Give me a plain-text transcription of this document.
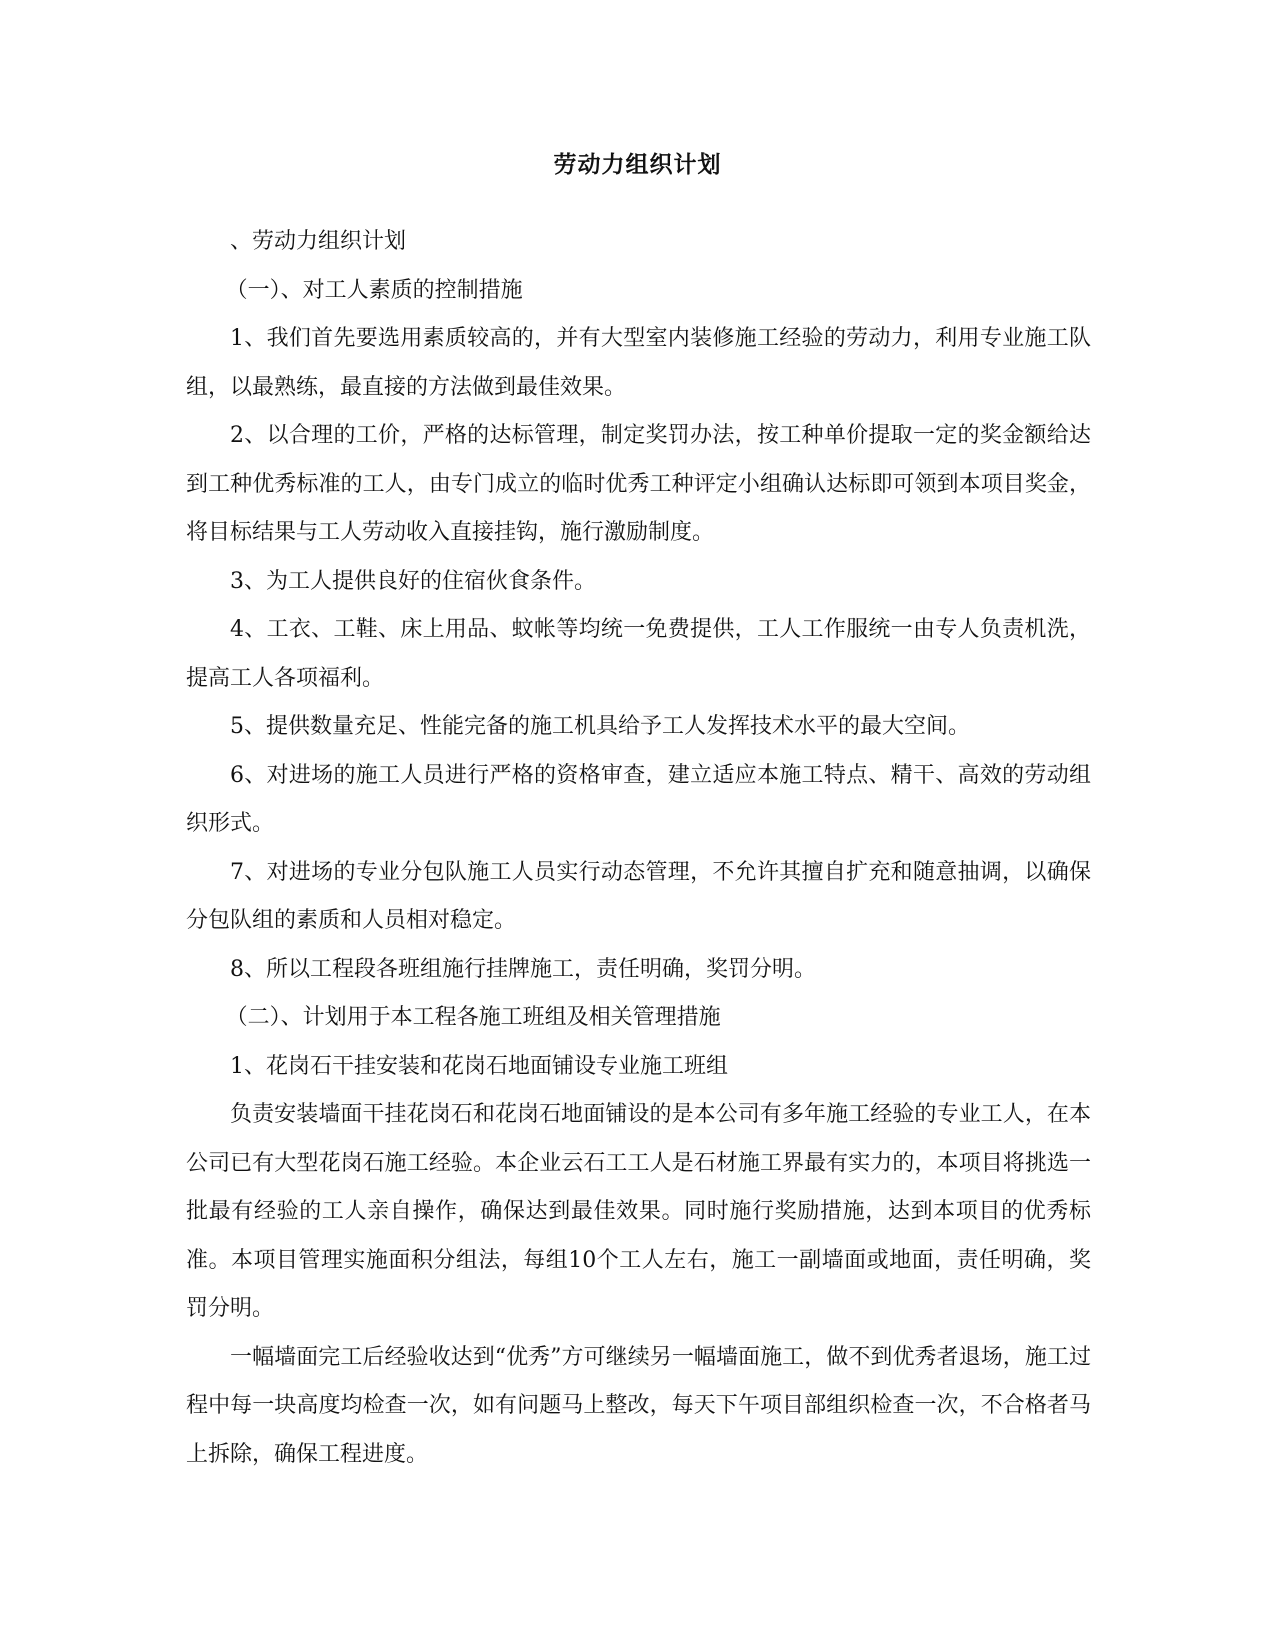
劳动力组织计划

、劳动力组织计划

（一）、对工人素质的控制措施

1、我们首先要选用素质较高的，并有大型室内装修施工经验的劳动力，利用专业施工队组，以最熟练，最直接的方法做到最佳效果。

2、以合理的工价，严格的达标管理，制定奖罚办法，按工种单价提取一定的奖金额给达到工种优秀标准的工人，由专门成立的临时优秀工种评定小组确认达标即可领到本项目奖金，将目标结果与工人劳动收入直接挂钩，施行激励制度。

3、为工人提供良好的住宿伙食条件。

4、工衣、工鞋、床上用品、蚊帐等均统一免费提供，工人工作服统一由专人负责机洗，提高工人各项福利。

5、提供数量充足、性能完备的施工机具给予工人发挥技术水平的最大空间。

6、对进场的施工人员进行严格的资格审查，建立适应本施工特点、精干、高效的劳动组织形式。

7、对进场的专业分包队施工人员实行动态管理，不允许其擅自扩充和随意抽调，以确保分包队组的素质和人员相对稳定。

8、所以工程段各班组施行挂牌施工，责任明确，奖罚分明。

（二）、计划用于本工程各施工班组及相关管理措施

1、花岗石干挂安装和花岗石地面铺设专业施工班组

负责安装墙面干挂花岗石和花岗石地面铺设的是本公司有多年施工经验的专业工人，在本公司已有大型花岗石施工经验。本企业云石工工人是石材施工界最有实力的，本项目将挑选一批最有经验的工人亲自操作，确保达到最佳效果。同时施行奖励措施，达到本项目的优秀标准。本项目管理实施面积分组法，每组10个工人左右，施工一副墙面或地面，责任明确，奖罚分明。

一幅墙面完工后经验收达到“优秀”方可继续另一幅墙面施工，做不到优秀者退场，施工过程中每一块高度均检查一次，如有问题马上整改，每天下午项目部组织检查一次，不合格者马上拆除，确保工程进度。
